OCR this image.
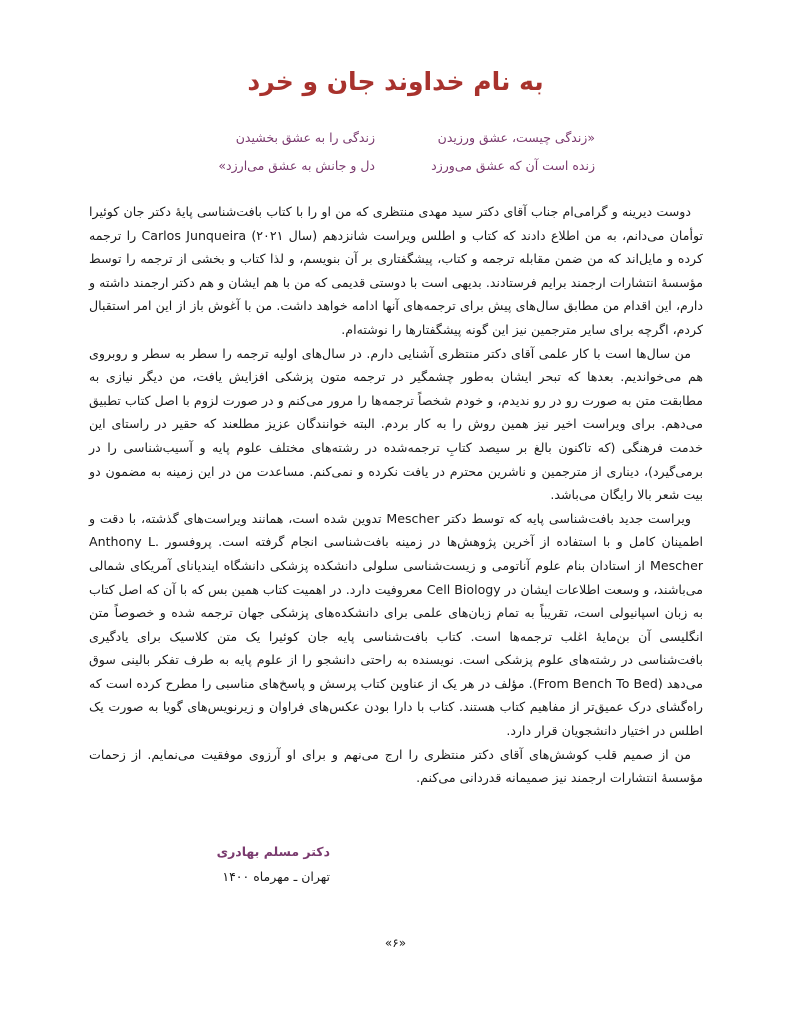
به نام خداوند جان و خرد
«زندگی چیست، عشق ورزیدن
زندگی را به عشق بخشیدن
زنده است آن که عشق می‌ورزد
دل و جانش به عشق می‌ارزد»

دوست دیرینه و گرامی‌ام جناب آقای دکتر سید مهدی منتظری که من او را با کتاب بافت‌شناسی پایهٔ دکتر جان کوئیرا توأمان می‌دانم، به من اطلاع دادند که کتاب و اطلس ویراست شانزدهم (سال ۲۰۲۱) Carlos Junqueira را ترجمه کرده و مایل‌اند که من ضمن مقابله ترجمه و کتاب، پیشگفتاری بر آن بنویسم، و لذا کتاب و بخشی از ترجمه را توسط مؤسسهٔ انتشارات ارجمند برایم فرستادند. بدیهی است با دوستی قدیمی که من با هم ایشان و هم دکتر ارجمند داشته و دارم، این اقدام من مطابق سال‌های پیش برای ترجمه‌های آنها ادامه خواهد داشت. من با آغوش باز از این امر استقبال کردم، اگرچه برای سایر مترجمین نیز این گونه پیشگفتارها را نوشته‌ام.

من سال‌ها است با کار علمی آقای دکتر منتظری آشنایی دارم. در سال‌های اولیه ترجمه را سطر به سطر و روبروی هم می‌خواندیم. بعدها که تبحر ایشان به‌طور چشمگیر در ترجمه متون پزشکی افزایش یافت، من دیگر نیازی به مطابقت متن به صورت رو در رو ندیدم، و خودم شخصاً ترجمه‌ها را مرور می‌کنم و در صورت لزوم با اصل کتاب تطبیق می‌دهم. برای ویراست اخیر نیز همین روش را به کار بردم. البته خوانندگان عزیز مطلعند که حقیر در راستای این خدمت فرهنگی (که تاکنون بالغ بر سیصد کتابِ ترجمه‌شده در رشته‌های مختلف علوم پایه و آسیب‌شناسی را در برمی‌گیرد)، دیناری از مترجمین و ناشرین محترم در یافت نکرده و نمی‌کنم. مساعدت من در این زمینه به مضمون دو بیت شعر بالا رایگان می‌باشد.

ویراست جدید بافت‌شناسی پایه که توسط دکتر Mescher تدوین شده است، همانند ویراست‌های گذشته، با دقت و اطمینان کامل و با استفاده از آخرین پژوهش‌ها در زمینه بافت‌شناسی انجام گرفته است. پروفسور Anthony L. Mescher از استادان بنام علوم آناتومی و زیست‌شناسی سلولی دانشکده پزشکی دانشگاه ایندیانای آمریکای شمالی می‌باشند، و وسعت اطلاعات ایشان در Cell Biology معروفیت دارد. در اهمیت کتاب همین بس که با آن که اصل کتاب به زبان اسپانیولی است، تقریباً به تمام زبان‌های علمی برای دانشکده‌های پزشکی جهان ترجمه شده و خصوصاً متن انگلیسی آن بن‌مایهٔ اغلب ترجمه‌ها است. کتاب بافت‌شناسی پایه جان کوئیرا یک متن کلاسیک برای یادگیری بافت‌شناسی در رشته‌های علوم پزشکی است. نویسنده به راحتی دانشجو را از علوم پایه به طرف تفکر بالینی سوق می‌دهد (From Bench To Bed). مؤلف در هر یک از عناوین کتاب پرسش و پاسخ‌های مناسبی را مطرح کرده است که راه‌گشای درک عمیق‌تر از مفاهیم کتاب هستند. کتاب با دارا بودن عکس‌های فراوان و زیرنویس‌های گویا به صورت یک اطلس در اختیار دانشجویان قرار دارد.

من از صمیم قلب کوشش‌های آقای دکتر منتظری را ارج می‌نهم و برای او آرزوی موفقیت می‌نمایم. از زحمات مؤسسهٔ انتشارات ارجمند نیز صمیمانه قدردانی می‌کنم.

دکتر مسلم بهادری
تهران ـ مهرماه ۱۴۰۰
«۶»
